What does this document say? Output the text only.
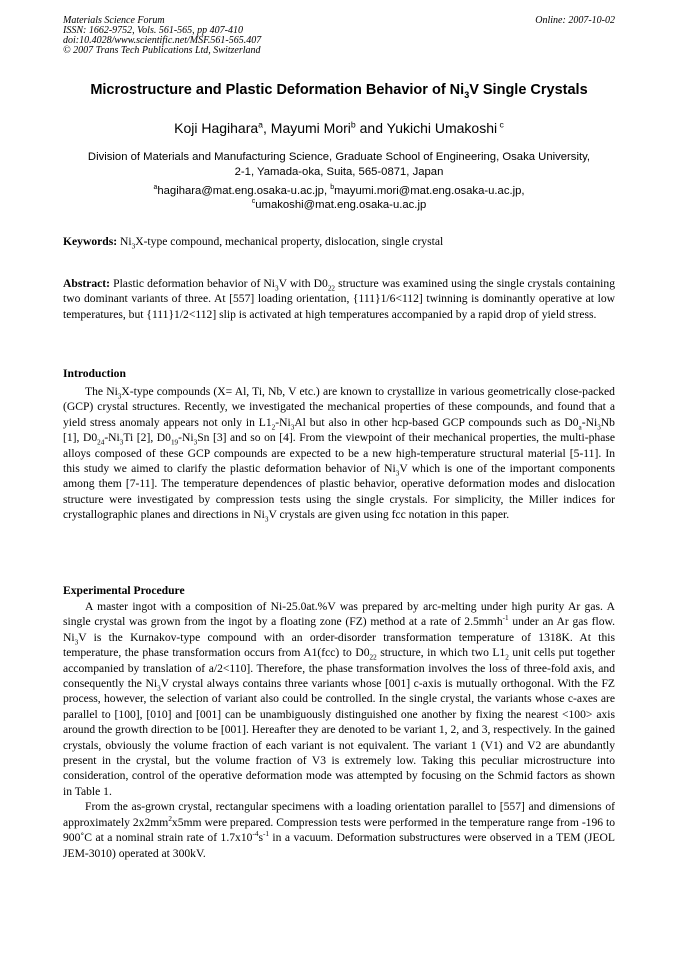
Materials Science Forum
ISSN: 1662-9752, Vols. 561-565, pp 407-410
doi:10.4028/www.scientific.net/MSF.561-565.407
© 2007 Trans Tech Publications Ltd, Switzerland
Online: 2007-10-02
Microstructure and Plastic Deformation Behavior of $Ni_3V$ Single Crystals
Koji Hagihara$^a$, Mayumi Mori$^b$ and Yukichi Umakoshi $^c$
Division of Materials and Manufacturing Science, Graduate School of Engineering, Osaka University,
2-1, Yamada-oka, Suita, 565-0871, Japan
$^a$hagihara@mat.eng.osaka-u.ac.jp, $^b$mayumi.mori@mat.eng.osaka-u.ac.jp,
$^c$umakoshi@mat.eng.osaka-u.ac.jp
Keywords: $Ni_3X$-type compound, mechanical property, dislocation, single crystal
Abstract: Plastic deformation behavior of $Ni_3V$ with $D0_{22}$ structure was examined using the single crystals containing two dominant variants of three. At [557] loading orientation, {111}1/6<112] twinning is dominantly operative at low temperatures, but {111}1/2<112] slip is activated at high temperatures accompanied by a rapid drop of yield stress.
Introduction
The $Ni_3X$-type compounds (X= Al, Ti, Nb, V etc.) are known to crystallize in various geometrically close-packed (GCP) crystal structures. Recently, we investigated the mechanical properties of these compounds, and found that a yield stress anomaly appears not only in $L1_2-Ni_3Al$ but also in other hcp-based GCP compounds such as $D0_a-Ni_3Nb$ [1], $D0_{24}-Ni_3Ti$ [2], $D0_{19}-Ni_3Sn$ [3] and so on [4]. From the viewpoint of their mechanical properties, the multi-phase alloys composed of these GCP compounds are expected to be a new high-temperature structural material [5-11]. In this study we aimed to clarify the plastic deformation behavior of $Ni_3V$ which is one of the important components among them [7-11]. The temperature dependences of plastic behavior, operative deformation modes and dislocation structure were investigated by compression tests using the single crystals. For simplicity, the Miller indices for crystallographic planes and directions in $Ni_3V$ crystals are given using fcc notation in this paper.
Experimental Procedure
A master ingot with a composition of Ni-25.0at.%V was prepared by arc-melting under high purity Ar gas. A single crystal was grown from the ingot by a floating zone (FZ) method at a rate of 2.5mmh$^{-1}$ under an Ar gas flow. $Ni_3V$ is the Kurnakov-type compound with an order-disorder transformation temperature of 1318K. At this temperature, the phase transformation occurs from A1(fcc) to $D0_{22}$ structure, in which two $L1_2$ unit cells put together accompanied by translation of a/2<110]. Therefore, the phase transformation involves the loss of three-fold axis, and consequently the $Ni_3V$ crystal always contains three variants whose [001] c-axis is mutually orthogonal. With the FZ process, however, the selection of variant also could be controlled. In the single crystal, the variants whose c-axes are parallel to [100], [010] and [001] can be unambiguously distinguished one another by fixing the nearest <100> axis around the growth direction to be [001]. Hereafter they are denoted to be variant 1, 2, and 3, respectively. In the gained crystals, obviously the volume fraction of each variant is not equivalent. The variant 1 (V1) and V2 are abundantly present in the crystal, but the volume fraction of V3 is extremely low. Taking this peculiar microstructure into consideration, control of the operative deformation mode was attempted by focusing on the Schmid factors as shown in Table 1.
From the as-grown crystal, rectangular specimens with a loading orientation parallel to [557] and dimensions of approximately $2x2mm^2x5mm$ were prepared. Compression tests were performed in the temperature range from -196 to 900˚C at a nominal strain rate of $1.7x10^{-4}s^{-1}$ in a vacuum. Deformation substructures were observed in a TEM (JEOL JEM-3010) operated at 300kV.
